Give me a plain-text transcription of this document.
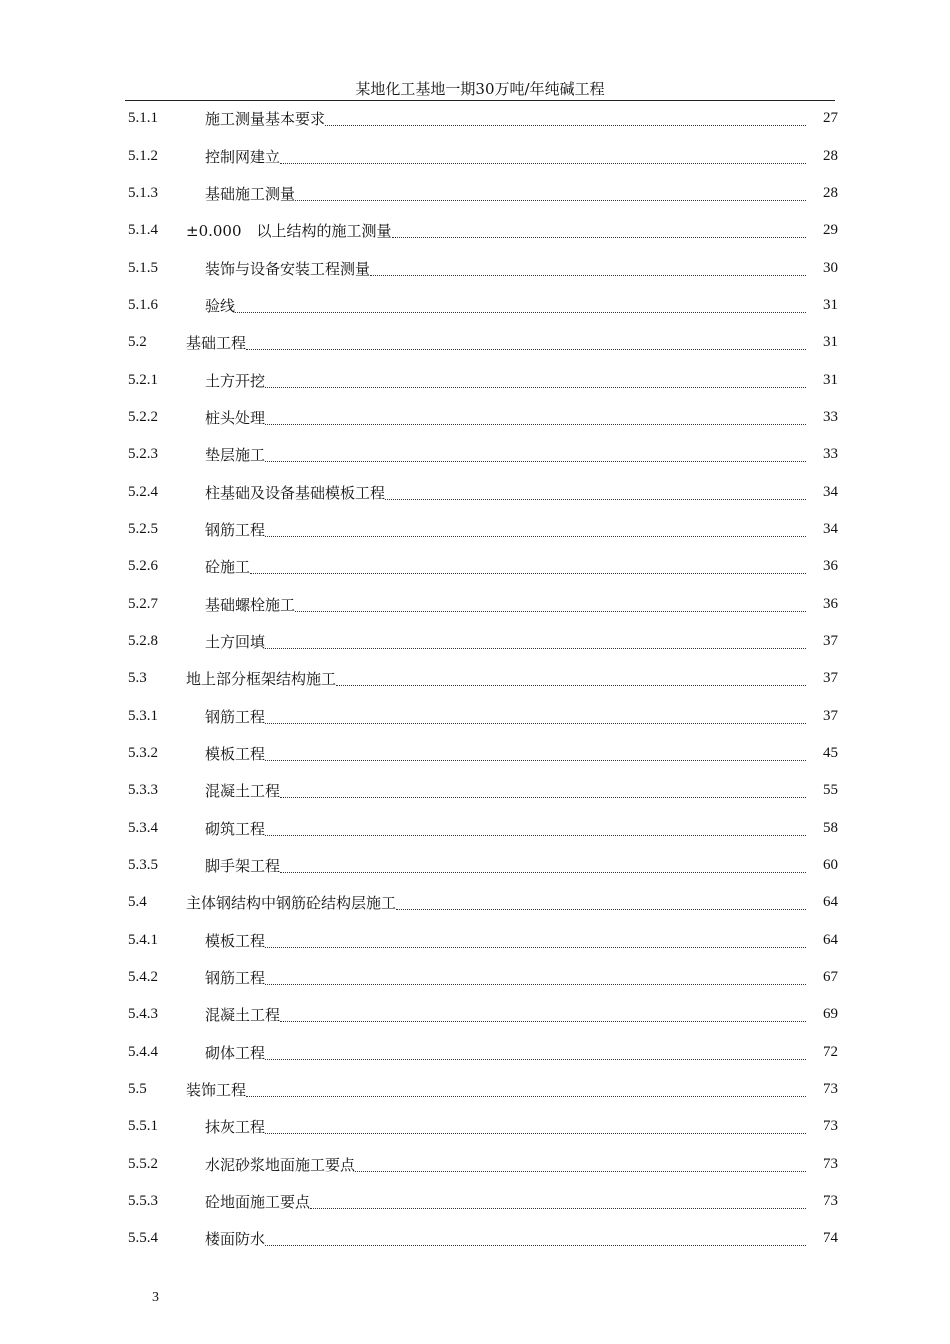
某地化工基地一期30万吨/年纯碱工程
5.1.1	施工测量基本要求	27
5.1.2	控制网建立	28
5.1.3	基础施工测量	28
5.1.4	±0.000　以上结构的施工测量	29
5.1.5	装饰与设备安装工程测量	30
5.1.6	验线	31
5.2	基础工程	31
5.2.1	土方开挖	31
5.2.2	桩头处理	33
5.2.3	垫层施工	33
5.2.4	柱基础及设备基础模板工程	34
5.2.5	钢筋工程	34
5.2.6	砼施工	36
5.2.7	基础螺栓施工	36
5.2.8	土方回填	37
5.3	地上部分框架结构施工	37
5.3.1	钢筋工程	37
5.3.2	模板工程	45
5.3.3	混凝土工程	55
5.3.4	砌筑工程	58
5.3.5	脚手架工程	60
5.4	主体钢结构中钢筋砼结构层施工	64
5.4.1	模板工程	64
5.4.2	钢筋工程	67
5.4.3	混凝土工程	69
5.4.4	砌体工程	72
5.5	装饰工程	73
5.5.1	抹灰工程	73
5.5.2	水泥砂浆地面施工要点	73
5.5.3	砼地面施工要点	73
5.5.4	楼面防水	74
3
